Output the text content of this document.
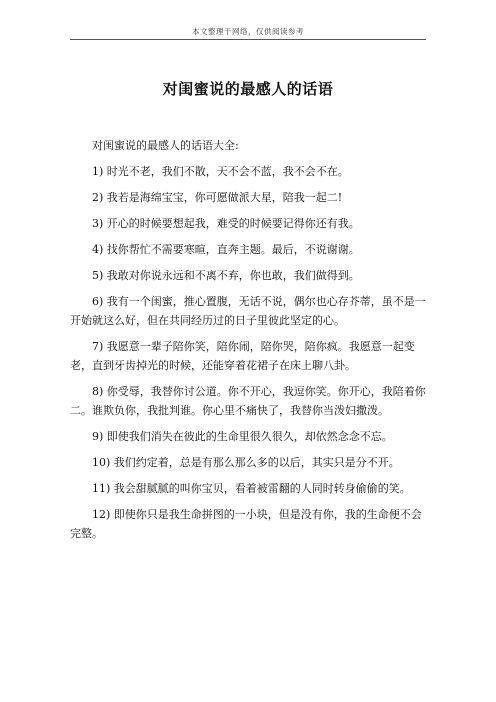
本文整理于网络，仅供阅读参考
对闺蜜说的最感人的话语

对闺蜜说的最感人的话语大全:

1) 时光不老，我们不散，天不会不蓝，我不会不在。

2) 我若是海绵宝宝，你可愿做派大星，陪我一起二!

3) 开心的时候要想起我，难受的时候要记得你还有我。

4) 找你帮忙不需要寒暄，直奔主题。最后，不说谢谢。

5) 我敢对你说永远和不离不弃，你也敢，我们做得到。

6) 我有一个闺蜜，推心置腹，无话不说，偶尔也心存芥蒂，虽不是一开始就这么好，但在共同经历过的日子里彼此坚定的心。

7) 我愿意一辈子陪你笑，陪你闹，陪你哭，陪你疯。我愿意一起变老，直到牙齿掉光的时候，还能穿着花裙子在床上聊八卦。

8) 你受辱，我替你讨公道。你不开心，我逗你笑。你开心，我陪着你二。谁欺负你，我批判谁。你心里不痛快了，我替你当泼妇撒泼。

9) 即使我们消失在彼此的生命里很久很久，却依然念念不忘。

10) 我们约定着，总是有那么那么多的以后，其实只是分不开。

11) 我会甜腻腻的叫你宝贝，看着被雷翻的人同时转身偷偷的笑。

12) 即使你只是我生命拼图的一小块，但是没有你，我的生命便不会完整。
